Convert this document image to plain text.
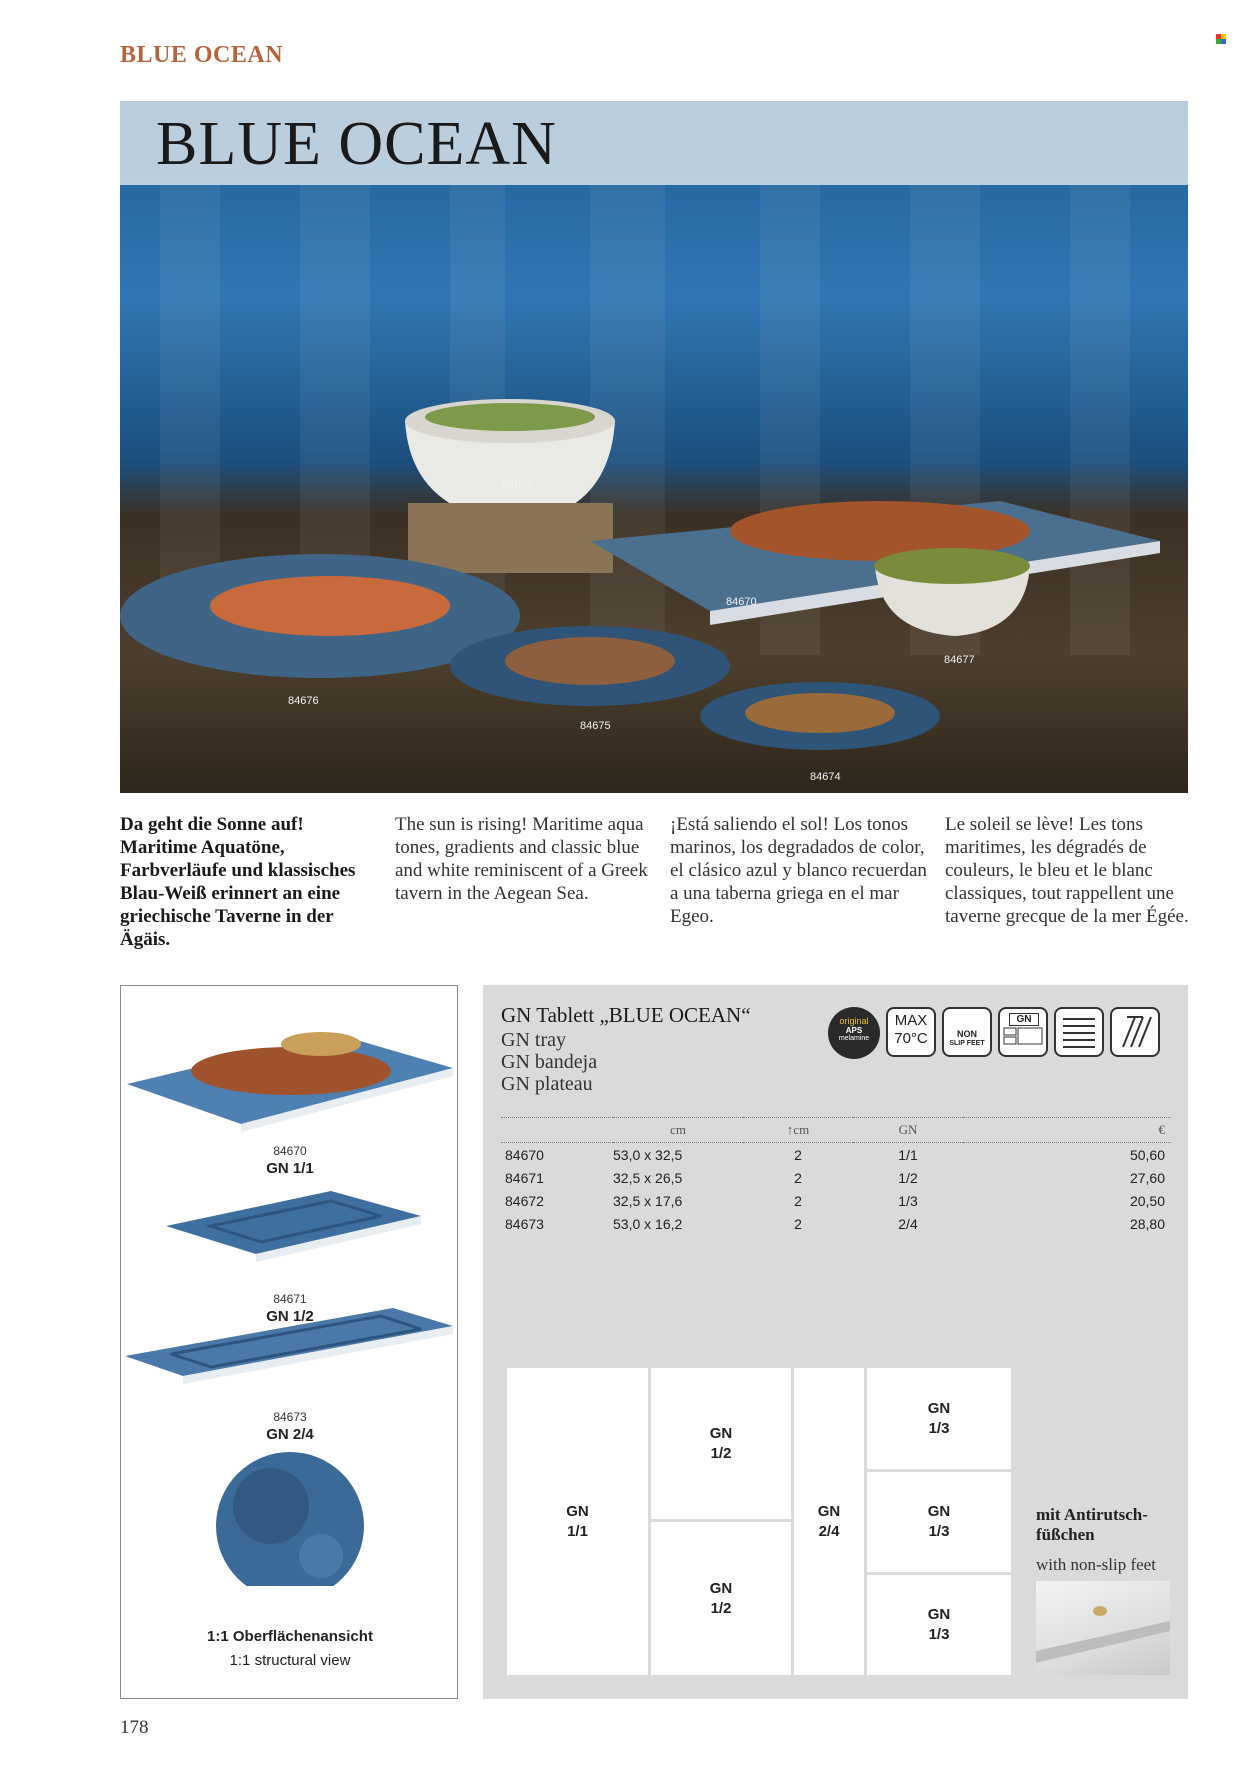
BLUE OCEAN
BLUE OCEAN
84678
84670
84677
84676
84675
84674
Da geht die Sonne auf! Maritime Aquatöne, Farbverläufe und klassisches Blau-Weiß erinnert an eine griechische Taverne in der Ägäis.
The sun is rising! Maritime aqua tones, gradients and classic blue and white reminiscent of a Greek tavern in the Aegean Sea.
¡Está saliendo el sol! Los tonos marinos, los degradados de color, el clásico azul y blanco recuerdan a una taberna griega en el mar Egeo.
Le soleil se lève! Les tons maritimes, les dégradés de couleurs, le bleu et le blanc classiques, tout rappellent une taverne grecque de la mer Égée.
84670
GN 1/1
84671
GN 1/2
84673
GN 2/4
1:1 Oberflächenansicht
1:1 structural view
GN Tablett „BLUE OCEAN“
GN tray
GN bandeja
GN plateau
original
APS
melamine
MAX
70°C	NON
SLIP FEET
GN
	cm	↑cm	GN	€
84670	53,0 x 32,5	2	1/1	50,60
84671	32,5 x 26,5	2	1/2	27,60
84672	32,5 x 17,6	2	1/3	20,50
84673	53,0 x 16,2	2	2/4	28,80
GN 1/1
GN 1/2
GN 1/2
GN 2/4
GN 1/3
GN 1/3
GN 1/3
mit Antirutsch-füßchen
with non-slip feet
178
